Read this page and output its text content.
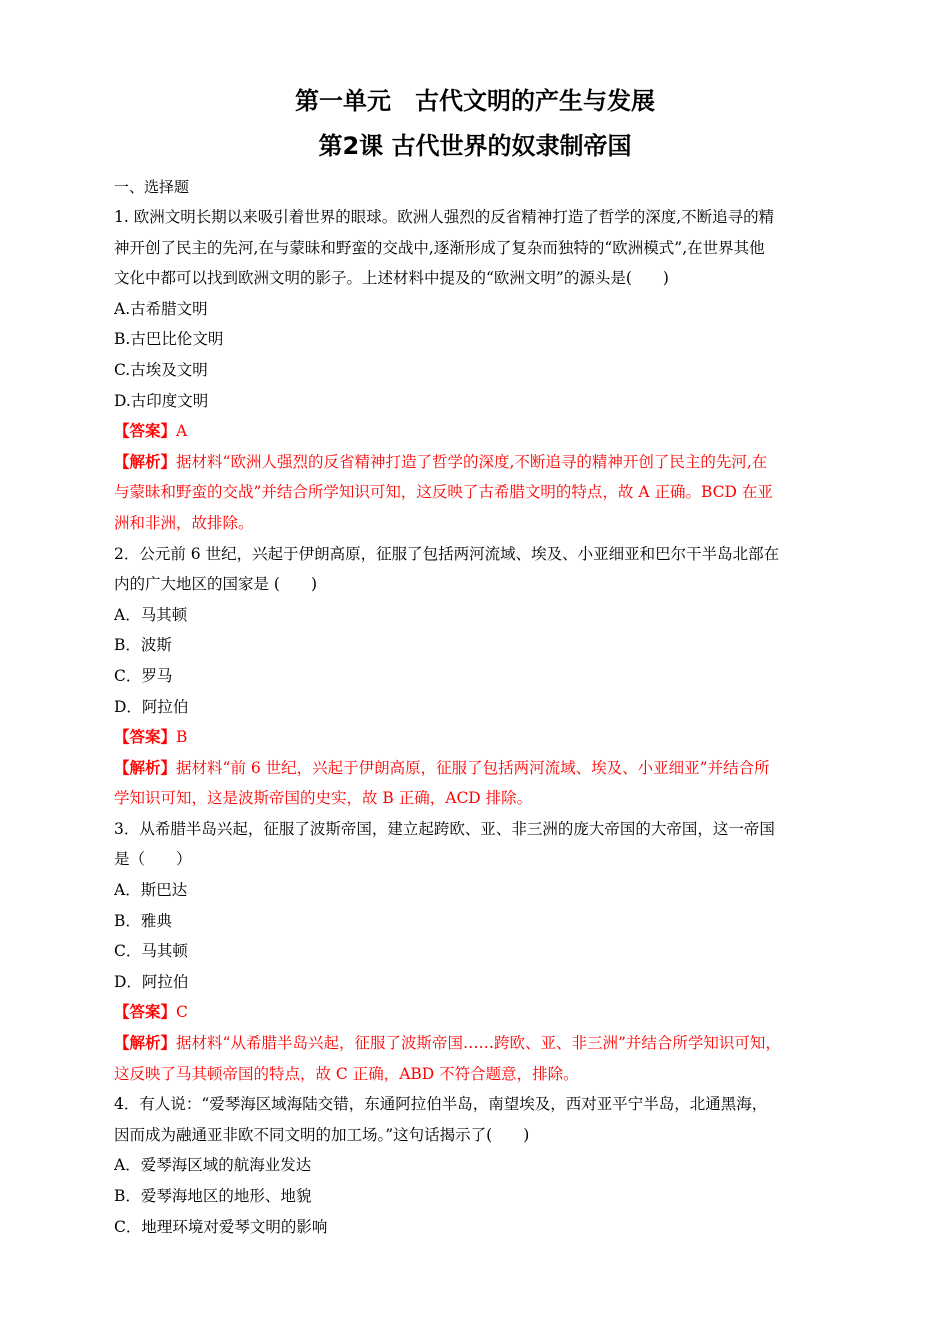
第一单元　古代文明的产生与发展
第2课 古代世界的奴隶制帝国
一、选择题
1. 欧洲文明长期以来吸引着世界的眼球。欧洲人强烈的反省精神打造了哲学的深度,不断追寻的精
神开创了民主的先河,在与蒙昧和野蛮的交战中,逐渐形成了复杂而独特的“欧洲模式”,在世界其他
文化中都可以找到欧洲文明的影子。上述材料中提及的“欧洲文明”的源头是(　　)
A.古希腊文明
B.古巴比伦文明
C.古埃及文明
D.古印度文明
【答案】A
【解析】据材料“欧洲人强烈的反省精神打造了哲学的深度,不断追寻的精神开创了民主的先河,在
与蒙昧和野蛮的交战”并结合所学知识可知，这反映了古希腊文明的特点，故 A 正确。BCD 在亚
洲和非洲，故排除。
2．公元前 6 世纪，兴起于伊朗高原，征服了包括两河流域、埃及、小亚细亚和巴尔干半岛北部在
内的广大地区的国家是 (　　)
A．马其顿
B．波斯
C．罗马
D．阿拉伯
【答案】B
【解析】据材料“前 6 世纪，兴起于伊朗高原，征服了包括两河流域、埃及、小亚细亚”并结合所
学知识可知，这是波斯帝国的史实，故 B 正确，ACD 排除。
3．从希腊半岛兴起，征服了波斯帝国，建立起跨欧、亚、非三洲的庞大帝国的大帝国，这一帝国
是（　　）
A．斯巴达
B．雅典
C．马其顿
D．阿拉伯
【答案】C
【解析】据材料“从希腊半岛兴起，征服了波斯帝国……跨欧、亚、非三洲”并结合所学知识可知，
这反映了马其顿帝国的特点，故 C 正确，ABD 不符合题意，排除。
4．有人说：“爱琴海区域海陆交错，东通阿拉伯半岛，南望埃及，西对亚平宁半岛，北通黑海，
因而成为融通亚非欧不同文明的加工场。”这句话揭示了(　　)
A．爱琴海区域的航海业发达
B．爱琴海地区的地形、地貌
C．地理环境对爱琴文明的影响
